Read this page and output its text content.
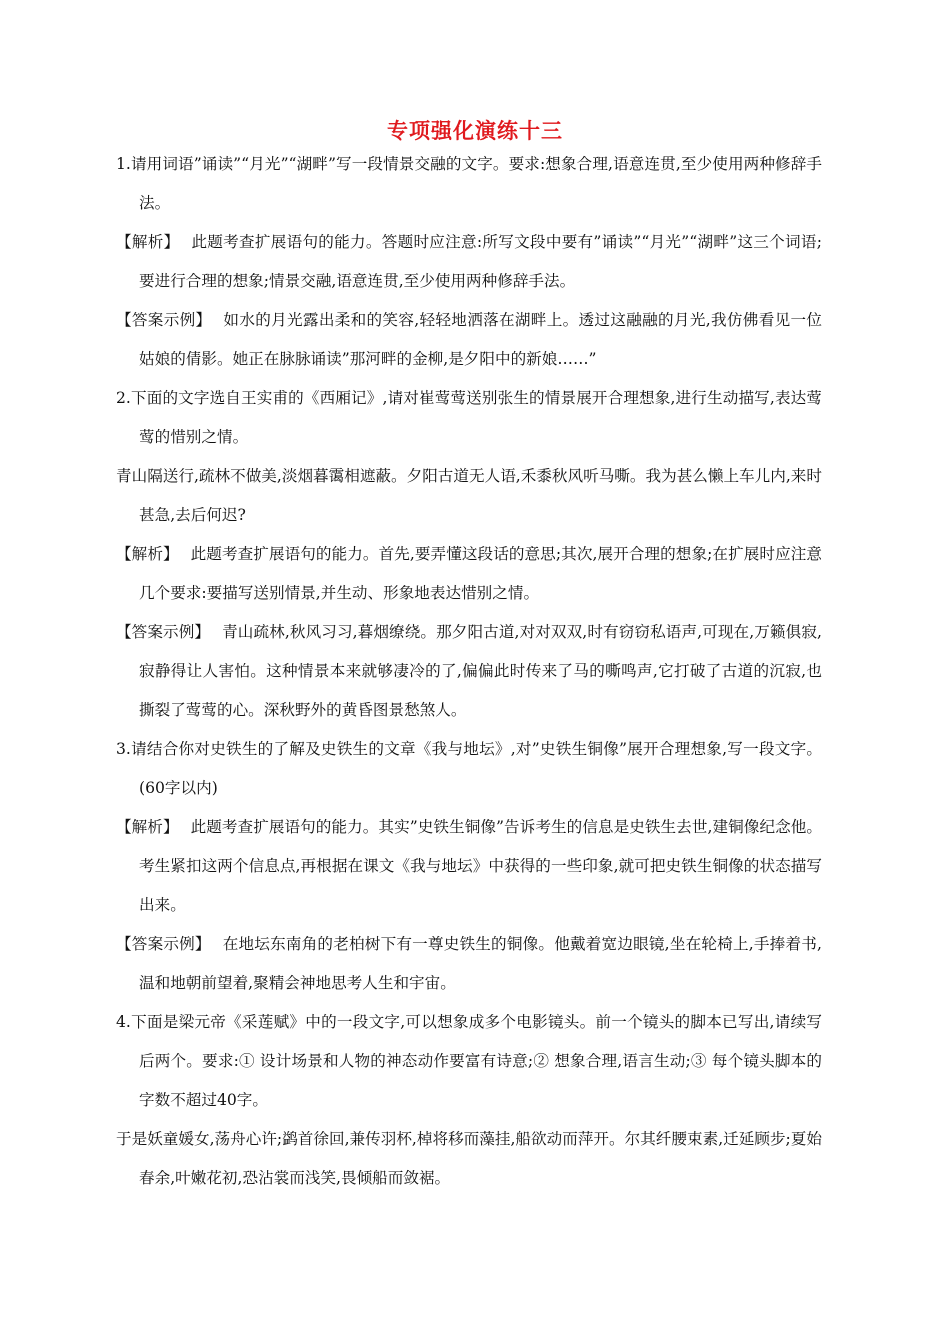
专项强化演练十三

1.请用词语”诵读”“月光”“湖畔”写一段情景交融的文字。要求:想象合理,语意连贯,至少使用两种修辞手法。

【解析】 此题考查扩展语句的能力。答题时应注意:所写文段中要有”诵读”“月光”“湖畔”这三个词语;要进行合理的想象;情景交融,语意连贯,至少使用两种修辞手法。

【答案示例】 如水的月光露出柔和的笑容,轻轻地洒落在湖畔上。透过这融融的月光,我仿佛看见一位姑娘的倩影。她正在脉脉诵读”那河畔的金柳,是夕阳中的新娘……”

2.下面的文字选自王实甫的《西厢记》,请对崔莺莺送别张生的情景展开合理想象,进行生动描写,表达莺莺的惜别之情。

青山隔送行,疏林不做美,淡烟暮霭相遮蔽。夕阳古道无人语,禾黍秋风听马嘶。我为甚么懒上车儿内,来时甚急,去后何迟?

【解析】 此题考查扩展语句的能力。首先,要弄懂这段话的意思;其次,展开合理的想象;在扩展时应注意几个要求:要描写送别情景,并生动、形象地表达惜别之情。

【答案示例】 青山疏林,秋风习习,暮烟缭绕。那夕阳古道,对对双双,时有窃窃私语声,可现在,万籁俱寂,寂静得让人害怕。这种情景本来就够凄冷的了,偏偏此时传来了马的嘶鸣声,它打破了古道的沉寂,也撕裂了莺莺的心。深秋野外的黄昏图景愁煞人。

3.请结合你对史铁生的了解及史铁生的文章《我与地坛》,对”史铁生铜像”展开合理想象,写一段文字。(60字以内)

【解析】 此题考查扩展语句的能力。其实”史铁生铜像”告诉考生的信息是史铁生去世,建铜像纪念他。考生紧扣这两个信息点,再根据在课文《我与地坛》中获得的一些印象,就可把史铁生铜像的状态描写出来。

【答案示例】 在地坛东南角的老柏树下有一尊史铁生的铜像。他戴着宽边眼镜,坐在轮椅上,手捧着书,温和地朝前望着,聚精会神地思考人生和宇宙。

4.下面是梁元帝《采莲赋》中的一段文字,可以想象成多个电影镜头。前一个镜头的脚本已写出,请续写后两个。要求:① 设计场景和人物的神态动作要富有诗意;② 想象合理,语言生动;③ 每个镜头脚本的字数不超过40字。

于是妖童媛女,荡舟心许;鹢首徐回,兼传羽杯,棹将移而藻挂,船欲动而萍开。尔其纤腰束素,迁延顾步;夏始春余,叶嫩花初,恐沾裳而浅笑,畏倾船而敛裾。
